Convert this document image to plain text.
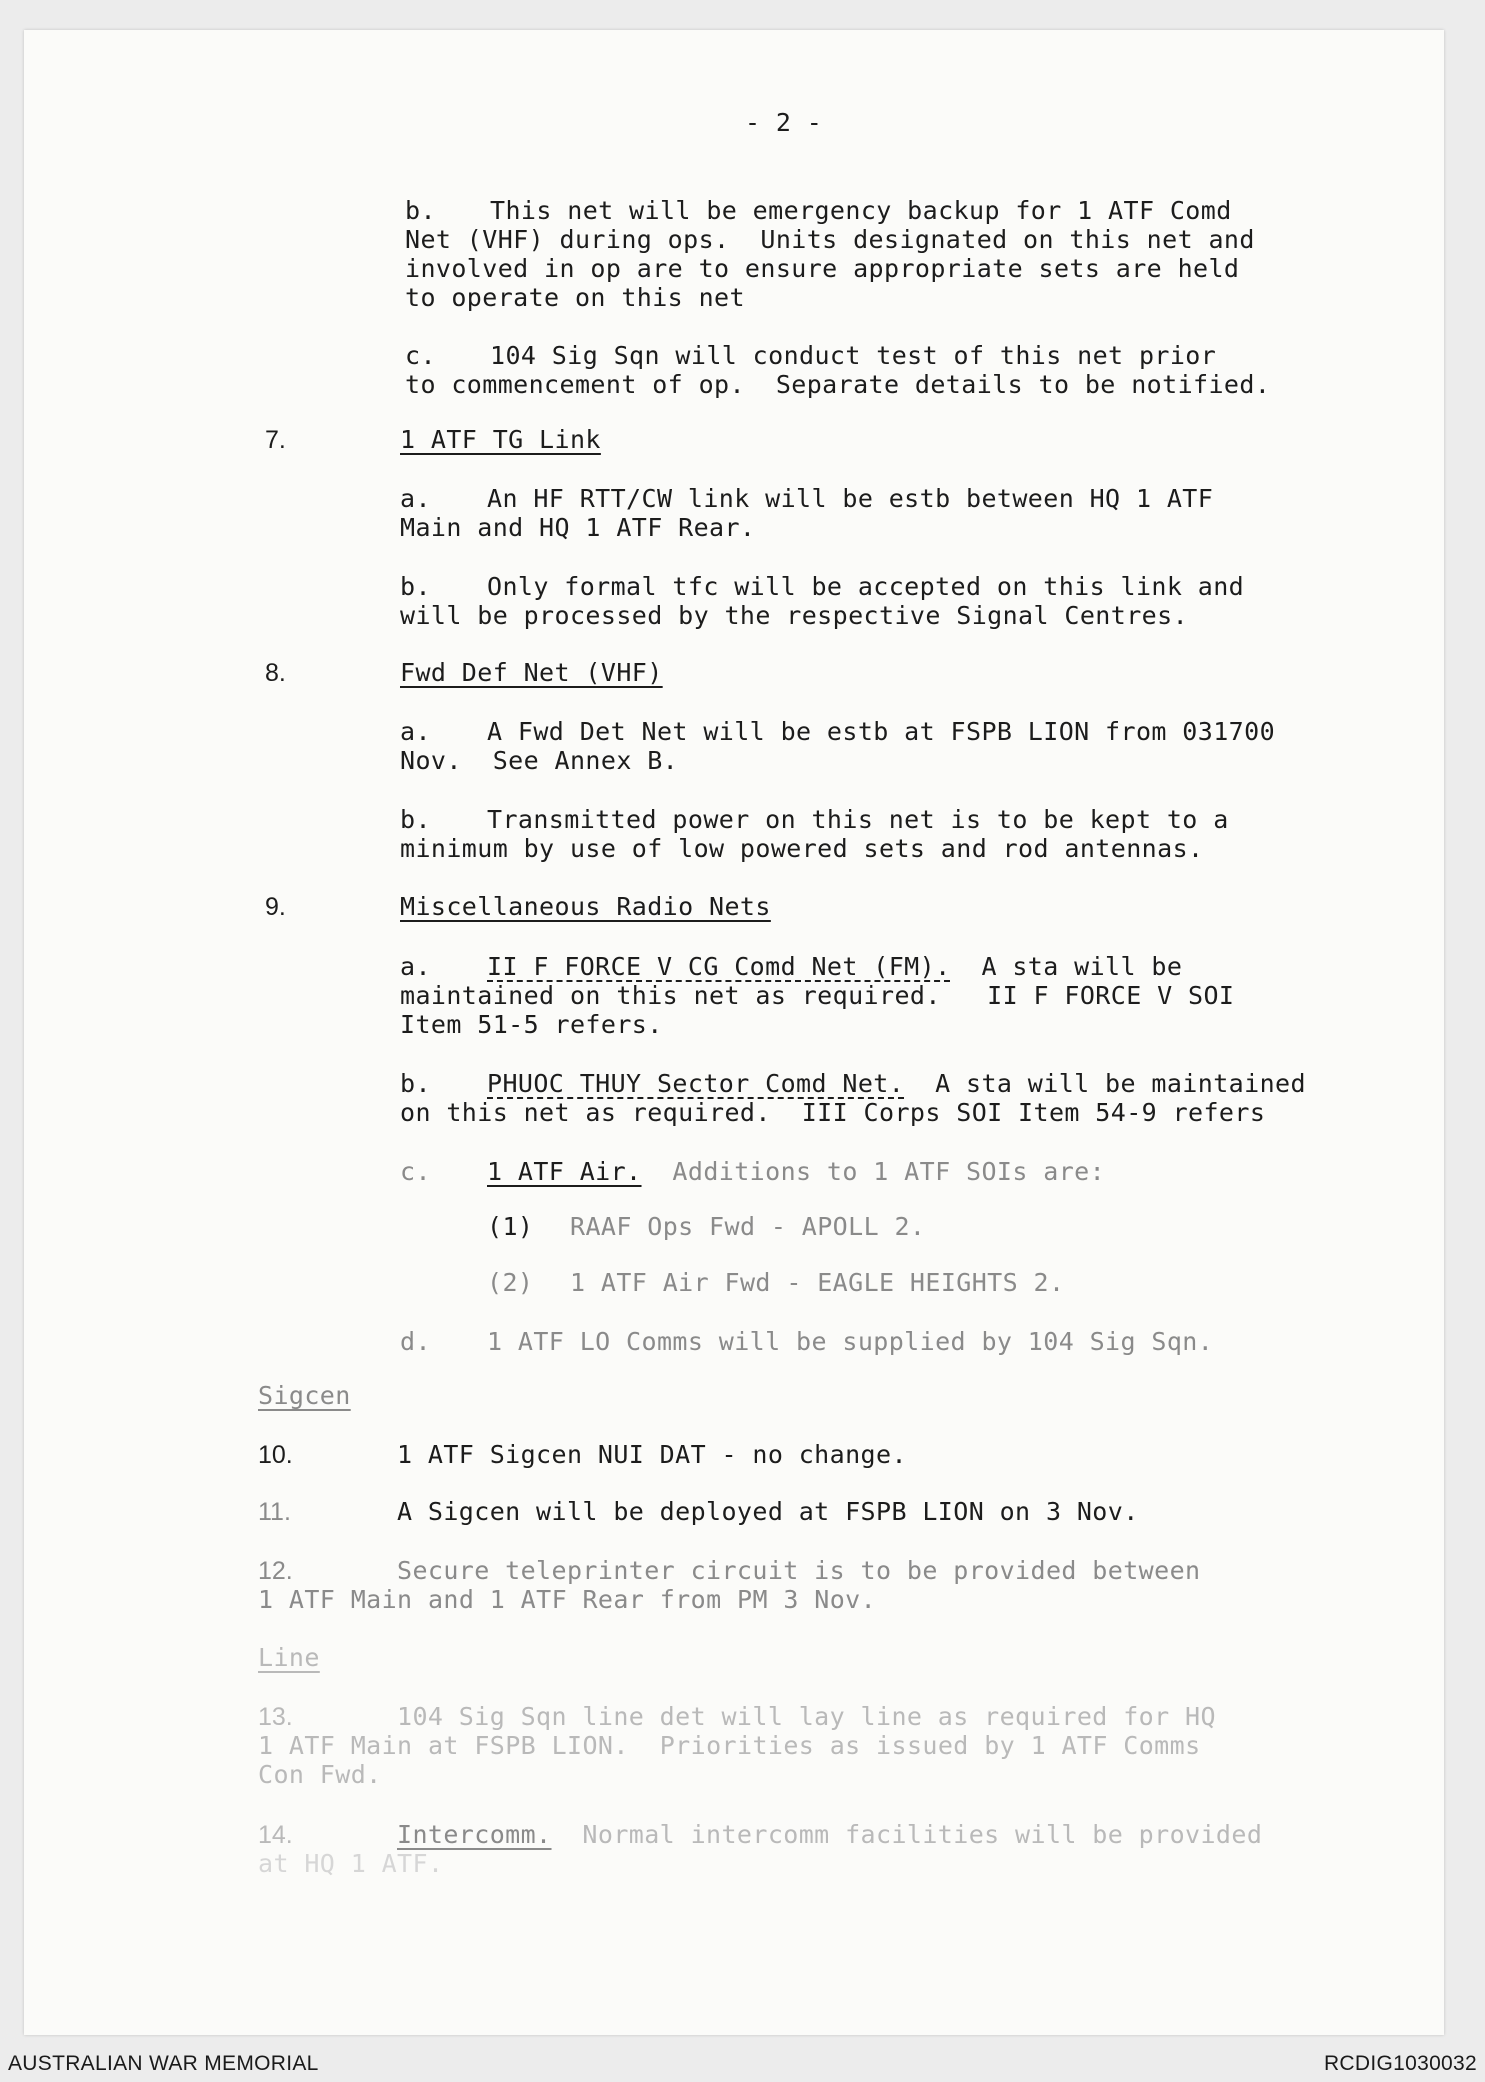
- 2 -
b. This net will be emergency backup for 1 ATF Comd
Net (VHF) during ops.  Units designated on this net and
involved in op are to ensure appropriate sets are held
to operate on this net
c. 104 Sig Sqn will conduct test of this net prior
to commencement of op.  Separate details to be notified.
7.	1 ATF TG Link
a. An HF RTT/CW link will be estb between HQ 1 ATF
Main and HQ 1 ATF Rear.
b. Only formal tfc will be accepted on this link and
will be processed by the respective Signal Centres.
8.	Fwd Def Net (VHF)
a. A Fwd Det Net will be estb at FSPB LION from 031700
Nov.  See Annex B.
b. Transmitted power on this net is to be kept to a
minimum by use of low powered sets and rod antennas.
9.	Miscellaneous Radio Nets
a. II F FORCE V CG Comd Net (FM).  A sta will be
maintained on this net as required.   II F FORCE V SOI
Item 51-5 refers.
b. PHUOC THUY Sector Comd Net.  A sta will be maintained
on this net as required.  III Corps SOI Item 54-9 refers
c. 1 ATF Air.  Additions to 1 ATF SOIs are:
(1) RAAF Ops Fwd - APOLL 2.
(2) 1 ATF Air Fwd - EAGLE HEIGHTS 2.
d. 1 ATF LO Comms will be supplied by 104 Sig Sqn.
Sigcen
10.	1 ATF Sigcen NUI DAT - no change.
11.	A Sigcen will be deployed at FSPB LION on 3 Nov.
12.	Secure teleprinter circuit is to be provided between
1 ATF Main and 1 ATF Rear from PM 3 Nov.
Line
13.	104 Sig Sqn line det will lay line as required for HQ
1 ATF Main at FSPB LION.  Priorities as issued by 1 ATF Comms
Con Fwd.
14.	Intercomm.  Normal intercomm facilities will be provided
at HQ 1 ATF.
AUSTRALIAN WAR MEMORIAL	RCDIG1030032
